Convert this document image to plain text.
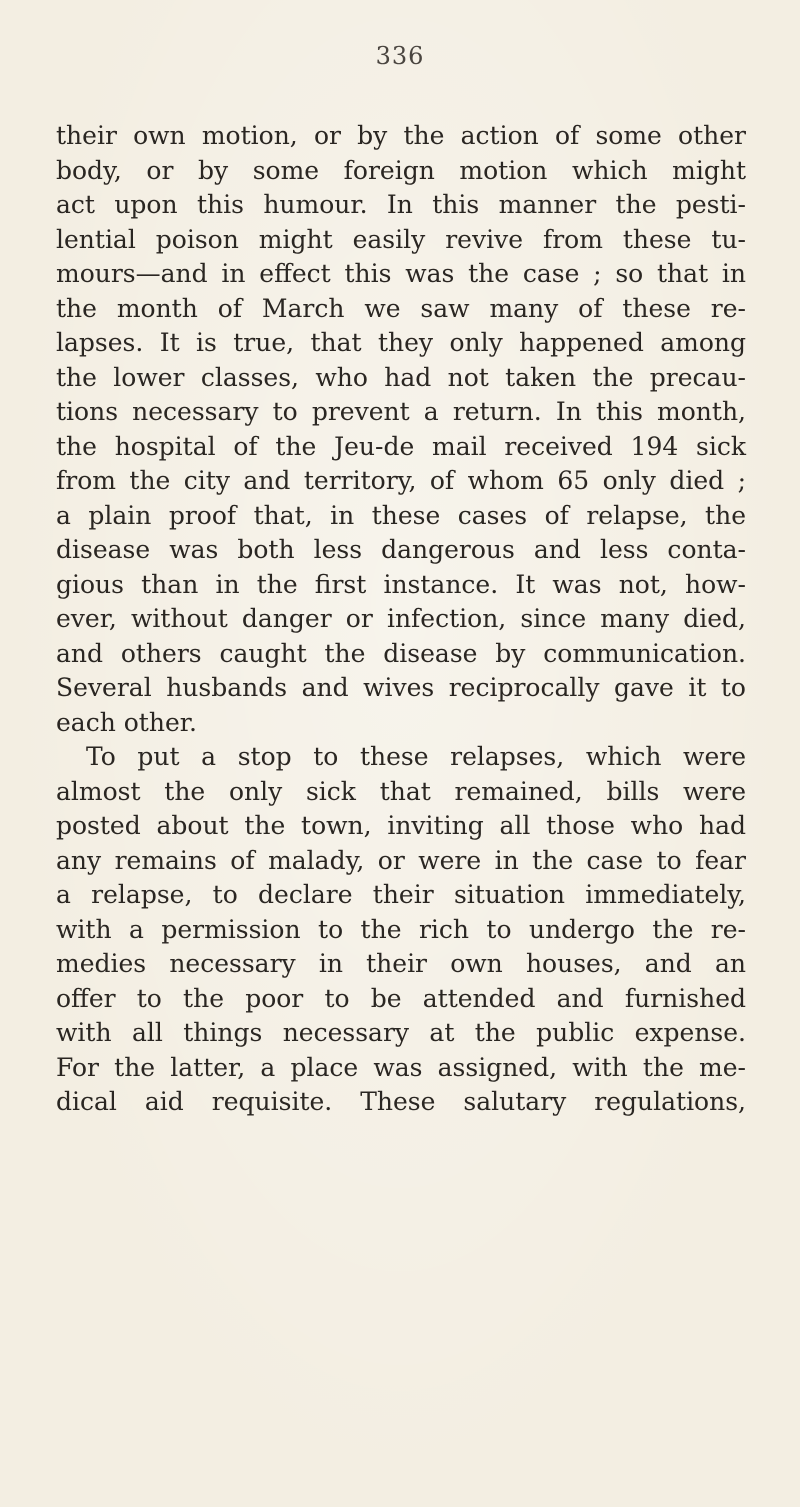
336
their own motion, or by the action of some other
body, or by some foreign motion which might
act upon this humour. In this manner the pesti-
lential poison might easily revive from these tu-
mours—and in effect this was the case ; so that in
the month of March we saw many of these re-
lapses. It is true, that they only happened among
the lower classes, who had not taken the precau-
tions necessary to prevent a return. In this month,
the hospital of the Jeu-de mail received 194 sick
from the city and territory, of whom 65 only died ;
a plain proof that, in these cases of relapse, the
disease was both less dangerous and less conta-
gious than in the first instance. It was not, how-
ever, without danger or infection, since many died,
and others caught the disease by communication.
Several husbands and wives reciprocally gave it to
each other.
To put a stop to these relapses, which were
almost the only sick that remained, bills were
posted about the town, inviting all those who had
any remains of malady, or were in the case to fear
a relapse, to declare their situation immediately,
with a permission to the rich to undergo the re-
medies necessary in their own houses, and an
offer to the poor to be attended and furnished
with all things necessary at the public expense.
For the latter, a place was assigned, with the me-
dical aid requisite. These salutary regulations,
